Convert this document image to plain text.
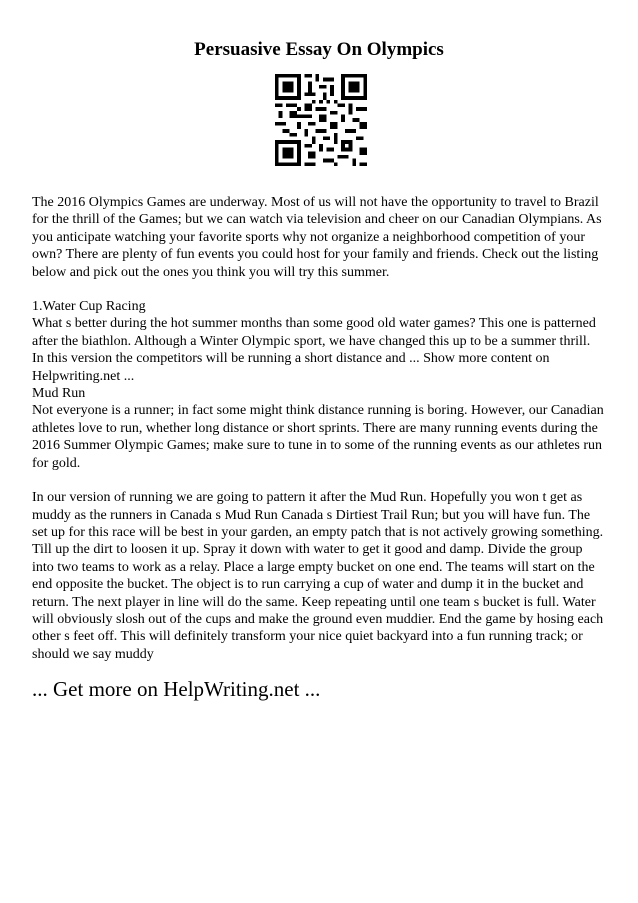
Persuasive Essay On Olympics

The 2016 Olympics Games are underway. Most of us will not have the opportunity to travel to Brazil for the thrill of the Games; but we can watch via television and cheer on our Canadian Olympians. As you anticipate watching your favorite sports why not organize a neighborhood competition of your own? There are plenty of fun events you could host for your family and friends. Check out the listing below and pick out the ones you think you will try this summer.

1.Water Cup Racing

What s better during the hot summer months than some good old water games? This one is patterned after the biathlon. Although a Winter Olympic sport, we have changed this up to be a summer thrill. In this version the competitors will be running a short distance and ... Show more content on Helpwriting.net ...

Mud Run

Not everyone is a runner; in fact some might think distance running is boring. However, our Canadian athletes love to run, whether long distance or short sprints. There are many running events during the 2016 Summer Olympic Games; make sure to tune in to some of the running events as our athletes run for gold.

In our version of running we are going to pattern it after the Mud Run. Hopefully you won t get as muddy as the runners in Canada s Mud Run Canada s Dirtiest Trail Run; but you will have fun. The set up for this race will be best in your garden, an empty patch that is not actively growing something. Till up the dirt to loosen it up. Spray it down with water to get it good and damp. Divide the group into two teams to work as a relay. Place a large empty bucket on one end. The teams will start on the end opposite the bucket. The object is to run carrying a cup of water and dump it in the bucket and return. The next player in line will do the same. Keep repeating until one team s bucket is full. Water will obviously slosh out of the cups and make the ground even muddier. End the game by hosing each other s feet off. This will definitely transform your nice quiet backyard into a fun running track; or should we say muddy

... Get more on HelpWriting.net ...
